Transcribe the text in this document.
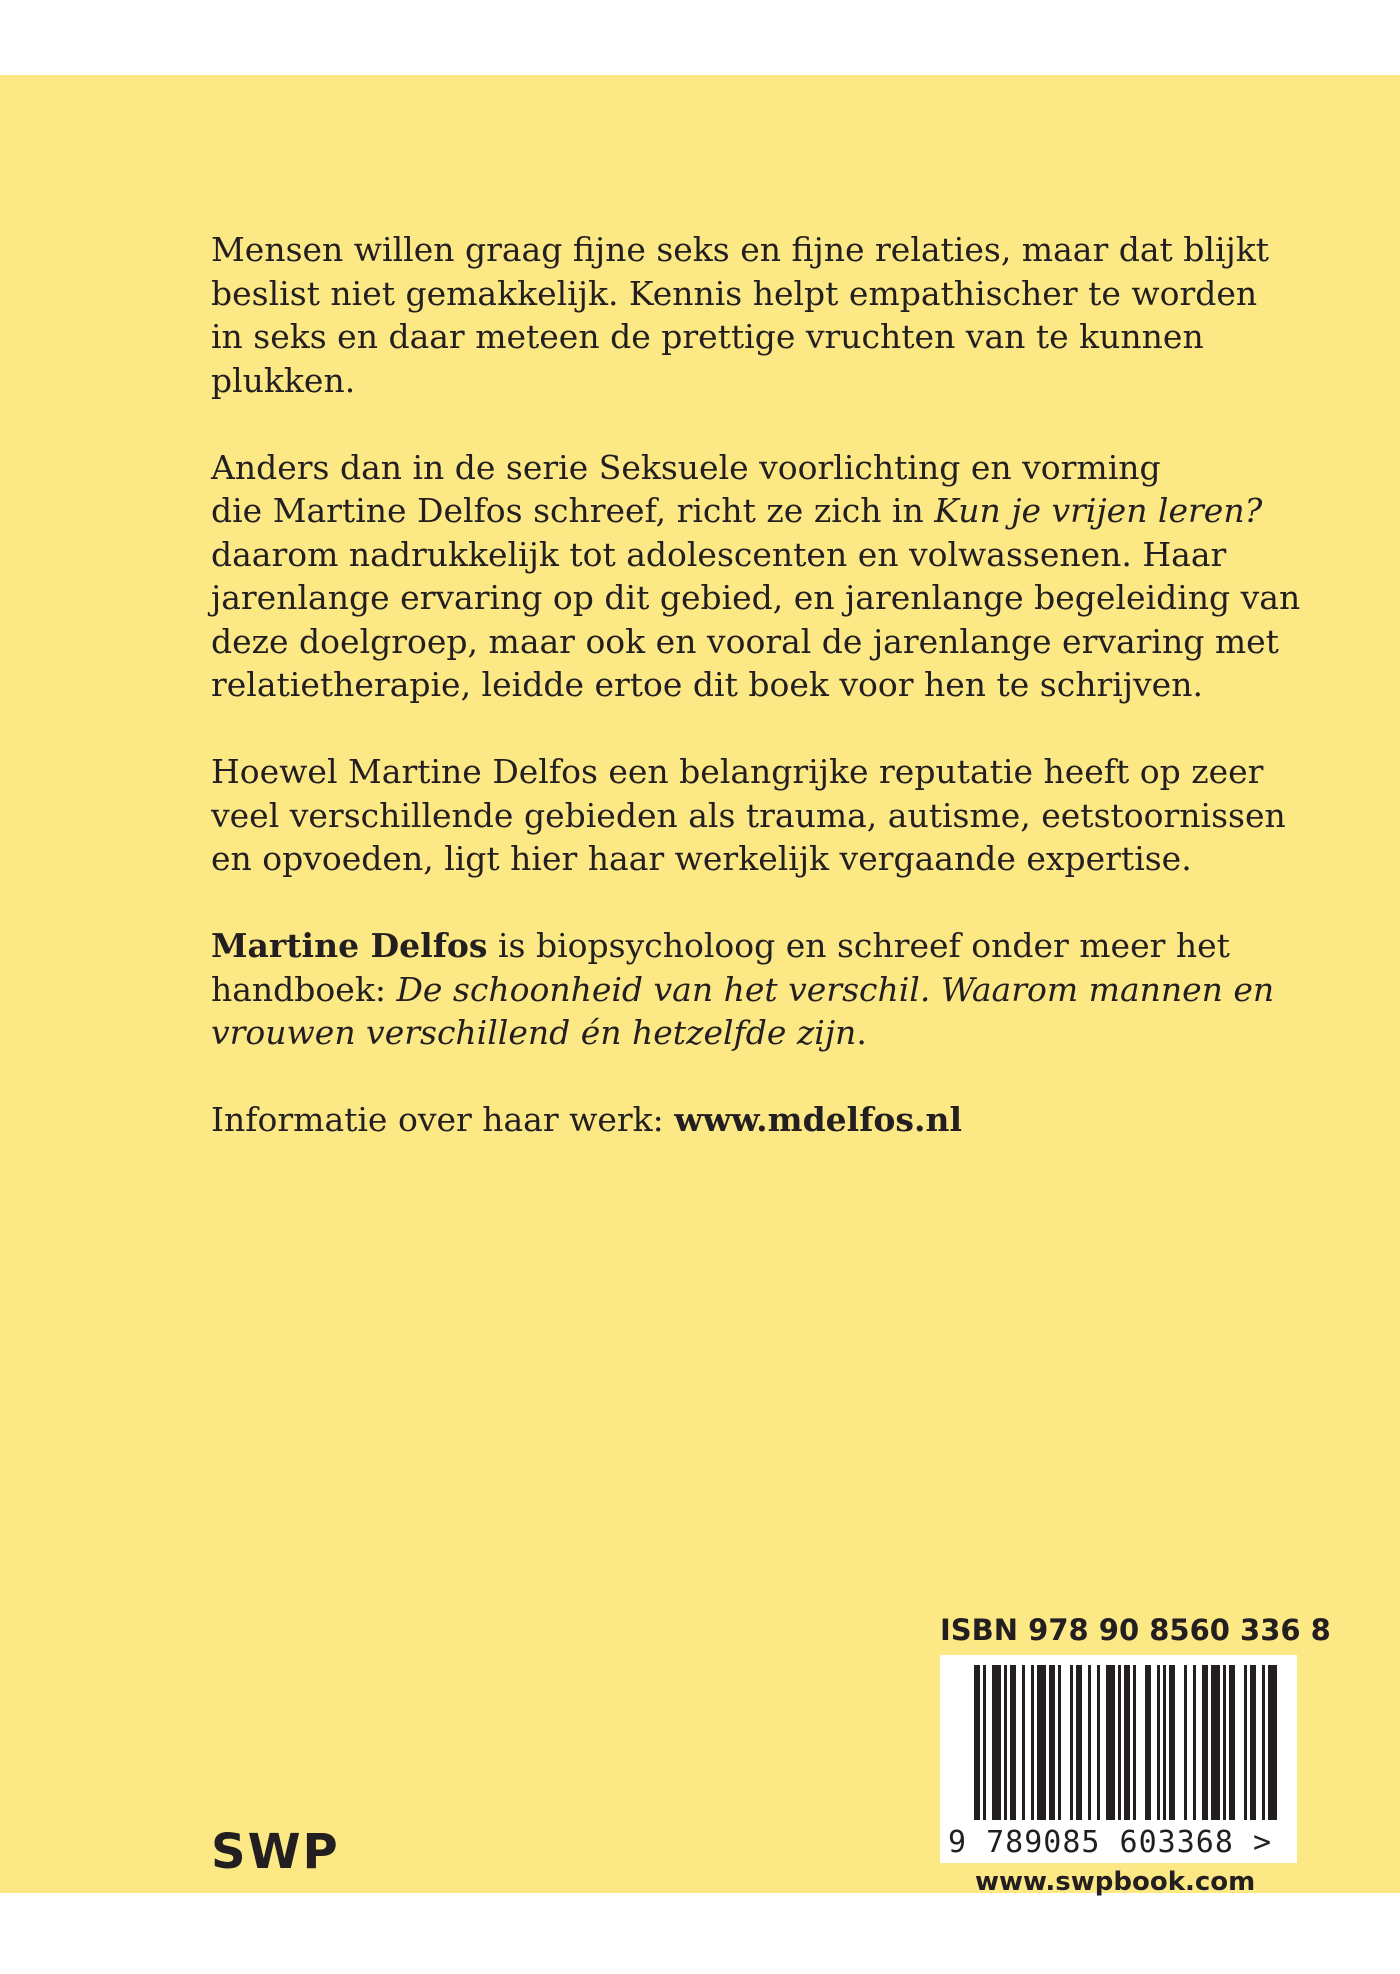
Mensen willen graag fijne seks en fijne relaties, maar dat blijkt
beslist niet gemakkelijk. Kennis helpt empathischer te worden
in seks en daar meteen de prettige vruchten van te kunnen
plukken.

Anders dan in de serie Seksuele voorlichting en vorming
die Martine Delfos schreef, richt ze zich in Kun je vrijen leren?
daarom nadrukkelijk tot adolescenten en volwassenen. Haar
jarenlange ervaring op dit gebied, en jarenlange begeleiding van
deze doelgroep, maar ook en vooral de jarenlange ervaring met
relatietherapie, leidde ertoe dit boek voor hen te schrijven.

Hoewel Martine Delfos een belangrijke reputatie heeft op zeer
veel verschillende gebieden als trauma, autisme, eetstoornissen
en opvoeden, ligt hier haar werkelijk vergaande expertise.

Martine Delfos is biopsycholoog en schreef onder meer het
handboek: De schoonheid van het verschil. Waarom mannen en
vrouwen verschillend én hetzelfde zijn.

Informatie over haar werk: www.mdelfos.nl

SWP
ISBN 978 90 8560 336 8
9 789085 603368 >
www.swpbook.com
